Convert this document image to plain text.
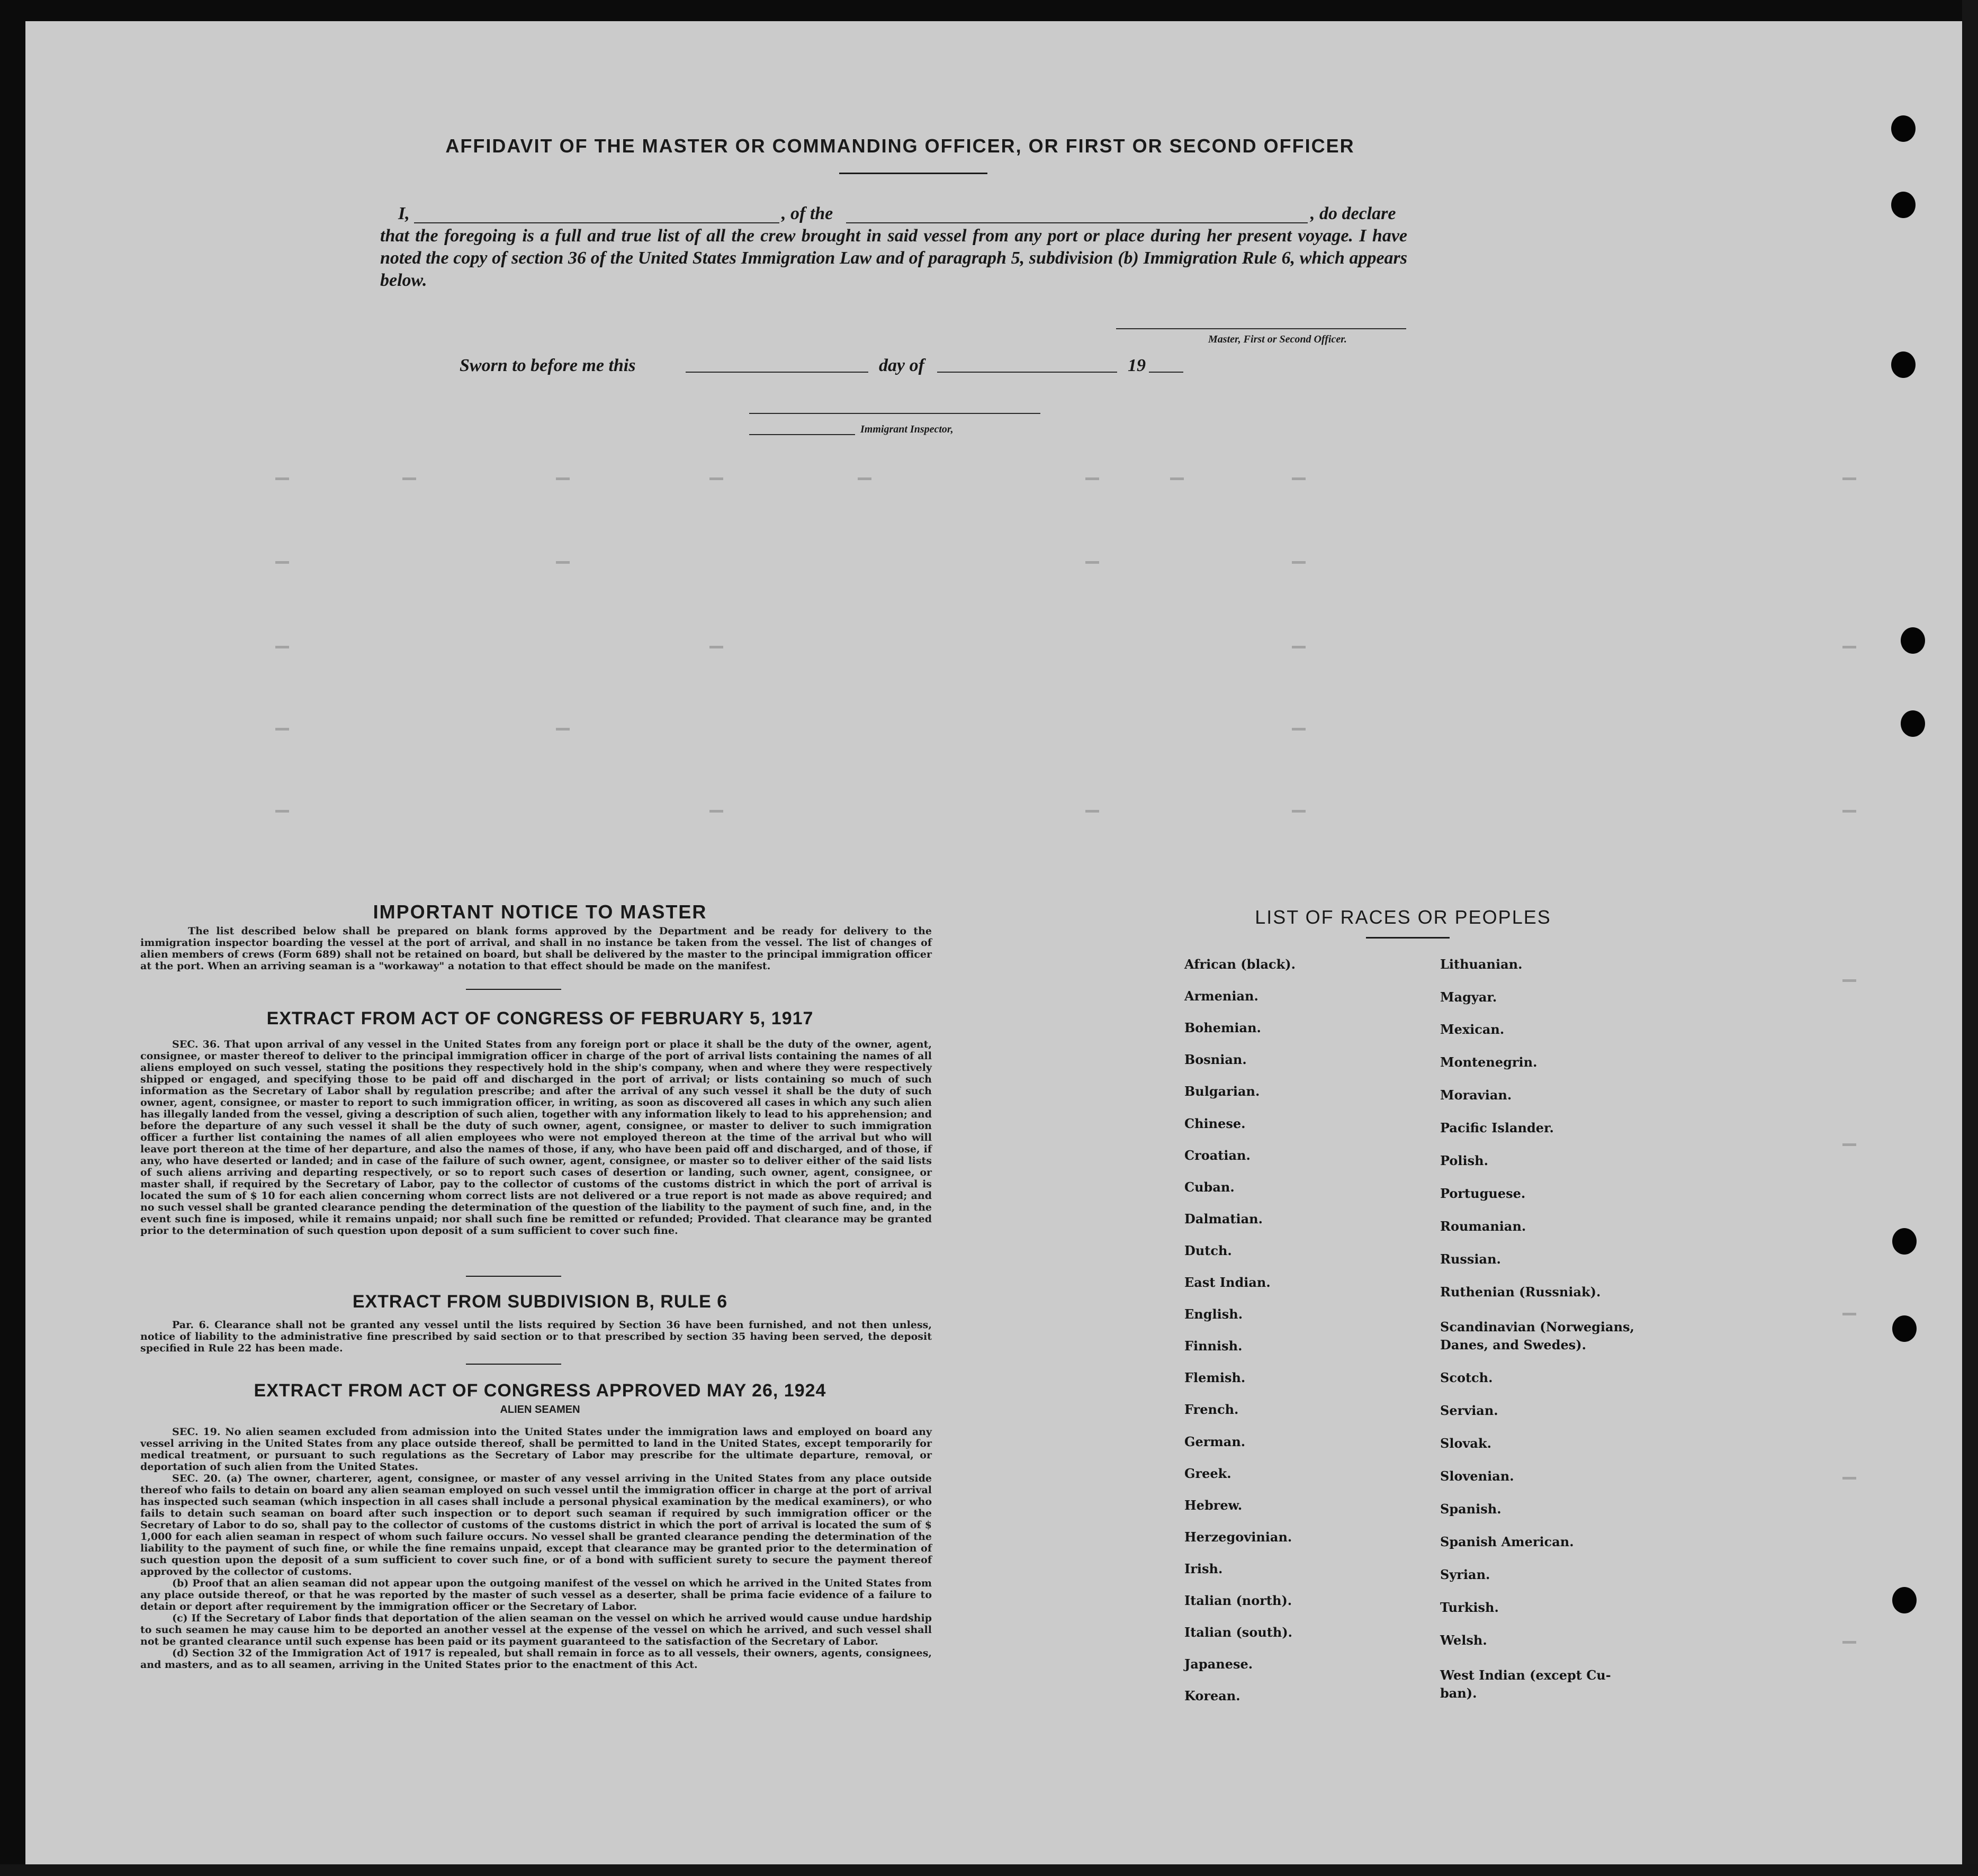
AFFIDAVIT OF THE MASTER OR COMMANDING OFFICER, OR FIRST OR SECOND OFFICER
I,	, of the	, do declare
that the foregoing is a full and true list of all the crew brought in said vessel from any port or place during her present voyage. I have noted the copy of section 36 of the United States Immigration Law and of paragraph 5, subdivision (b) Immigration Rule 6, which appears below.
Master, First or Second Officer.
Sworn to before me this	day of	19
Immigrant Inspector,
IMPORTANT NOTICE TO MASTER

The list described below shall be prepared on blank forms approved by the Department and be ready for delivery to the immigration inspector boarding the vessel at the port of arrival, and shall in no instance be taken from the vessel. The list of changes of alien members of crews (Form 689) shall not be retained on board, but shall be delivered by the master to the principal immigration officer at the port. When an arriving seaman is a "workaway" a notation to that effect should be made on the manifest.

EXTRACT FROM ACT OF CONGRESS OF FEBRUARY 5, 1917

SEC. 36. That upon arrival of any vessel in the United States from any foreign port or place it shall be the duty of the owner, agent, consignee, or master thereof to deliver to the principal immigration officer in charge of the port of arrival lists containing the names of all aliens employed on such vessel, stating the positions they respectively hold in the ship's company, when and where they were respectively shipped or engaged, and specifying those to be paid off and discharged in the port of arrival; or lists containing so much of such information as the Secretary of Labor shall by regulation prescribe; and after the arrival of any such vessel it shall be the duty of such owner, agent, consignee, or master to report to such immigration officer, in writing, as soon as discovered all cases in which any such alien has illegally landed from the vessel, giving a description of such alien, together with any information likely to lead to his apprehension; and before the departure of any such vessel it shall be the duty of such owner, agent, consignee, or master to deliver to such immigration officer a further list containing the names of all alien employees who were not employed thereon at the time of the arrival but who will leave port thereon at the time of her departure, and also the names of those, if any, who have been paid off and discharged, and of those, if any, who have deserted or landed; and in case of the failure of such owner, agent, consignee, or master so to deliver either of the said lists of such aliens arriving and departing respectively, or so to report such cases of desertion or landing, such owner, agent, consignee, or master shall, if required by the Secretary of Labor, pay to the collector of customs of the customs district in which the port of arrival is located the sum of $ 10 for each alien concerning whom correct lists are not delivered or a true report is not made as above required; and no such vessel shall be granted clearance pending the determination of the question of the liability to the payment of such fine, and, in the event such fine is imposed, while it remains unpaid; nor shall such fine be remitted or refunded; Provided. That clearance may be granted prior to the determination of such question upon deposit of a sum sufficient to cover such fine.

EXTRACT FROM SUBDIVISION B, RULE 6

Par. 6. Clearance shall not be granted any vessel until the lists required by Section 36 have been furnished, and not then unless, notice of liability to the administrative fine prescribed by said section or to that prescribed by section 35 having been served, the deposit specified in Rule 22 has been made.

EXTRACT FROM ACT OF CONGRESS APPROVED MAY 26, 1924
ALIEN SEAMEN

SEC. 19. No alien seamen excluded from admission into the United States under the immigration laws and employed on board any vessel arriving in the United States from any place outside thereof, shall be permitted to land in the United States, except temporarily for medical treatment, or pursuant to such regulations as the Secretary of Labor may prescribe for the ultimate departure, removal, or deportation of such alien from the United States.

SEC. 20. (a) The owner, charterer, agent, consignee, or master of any vessel arriving in the United States from any place outside thereof who fails to detain on board any alien seaman employed on such vessel until the immigration officer in charge at the port of arrival has inspected such seaman (which inspection in all cases shall include a personal physical examination by the medical examiners), or who fails to detain such seaman on board after such inspection or to deport such seaman if required by such immigration officer or the Secretary of Labor to do so, shall pay to the collector of customs of the customs district in which the port of arrival is located the sum of $ 1,000 for each alien seaman in respect of whom such failure occurs. No vessel shall be granted clearance pending the determination of the liability to the payment of such fine, or while the fine remains unpaid, except that clearance may be granted prior to the determination of such question upon the deposit of a sum sufficient to cover such fine, or of a bond with sufficient surety to secure the payment thereof approved by the collector of customs.

(b) Proof that an alien seaman did not appear upon the outgoing manifest of the vessel on which he arrived in the United States from any place outside thereof, or that he was reported by the master of such vessel as a deserter, shall be prima facie evidence of a failure to detain or deport after requirement by the immigration officer or the Secretary of Labor.

(c) If the Secretary of Labor finds that deportation of the alien seaman on the vessel on which he arrived would cause undue hardship to such seamen he may cause him to be deported an another vessel at the expense of the vessel on which he arrived, and such vessel shall not be granted clearance until such expense has been paid or its payment guaranteed to the satisfaction of the Secretary of Labor.

(d) Section 32 of the Immigration Act of 1917 is repealed, but shall remain in force as to all vessels, their owners, agents, consignees, and masters, and as to all seamen, arriving in the United States prior to the enactment of this Act.

LIST OF RACES OR PEOPLES
African (black).
Armenian.
Bohemian.
Bosnian.
Bulgarian.
Chinese.
Croatian.
Cuban.
Dalmatian.
Dutch.
East Indian.
English.
Finnish.
Flemish.
French.
German.
Greek.
Hebrew.
Herzegovinian.
Irish.
Italian (north).
Italian (south).
Japanese.
Korean.
Lithuanian.
Magyar.
Mexican.
Montenegrin.
Moravian.
Pacific Islander.
Polish.
Portuguese.
Roumanian.
Russian.
Ruthenian (Russniak).
Scandinavian (Norwegians,
Danes, and Swedes).
Scotch.
Servian.
Slovak.
Slovenian.
Spanish.
Spanish American.
Syrian.
Turkish.
Welsh.
West Indian (except Cu-
ban).
